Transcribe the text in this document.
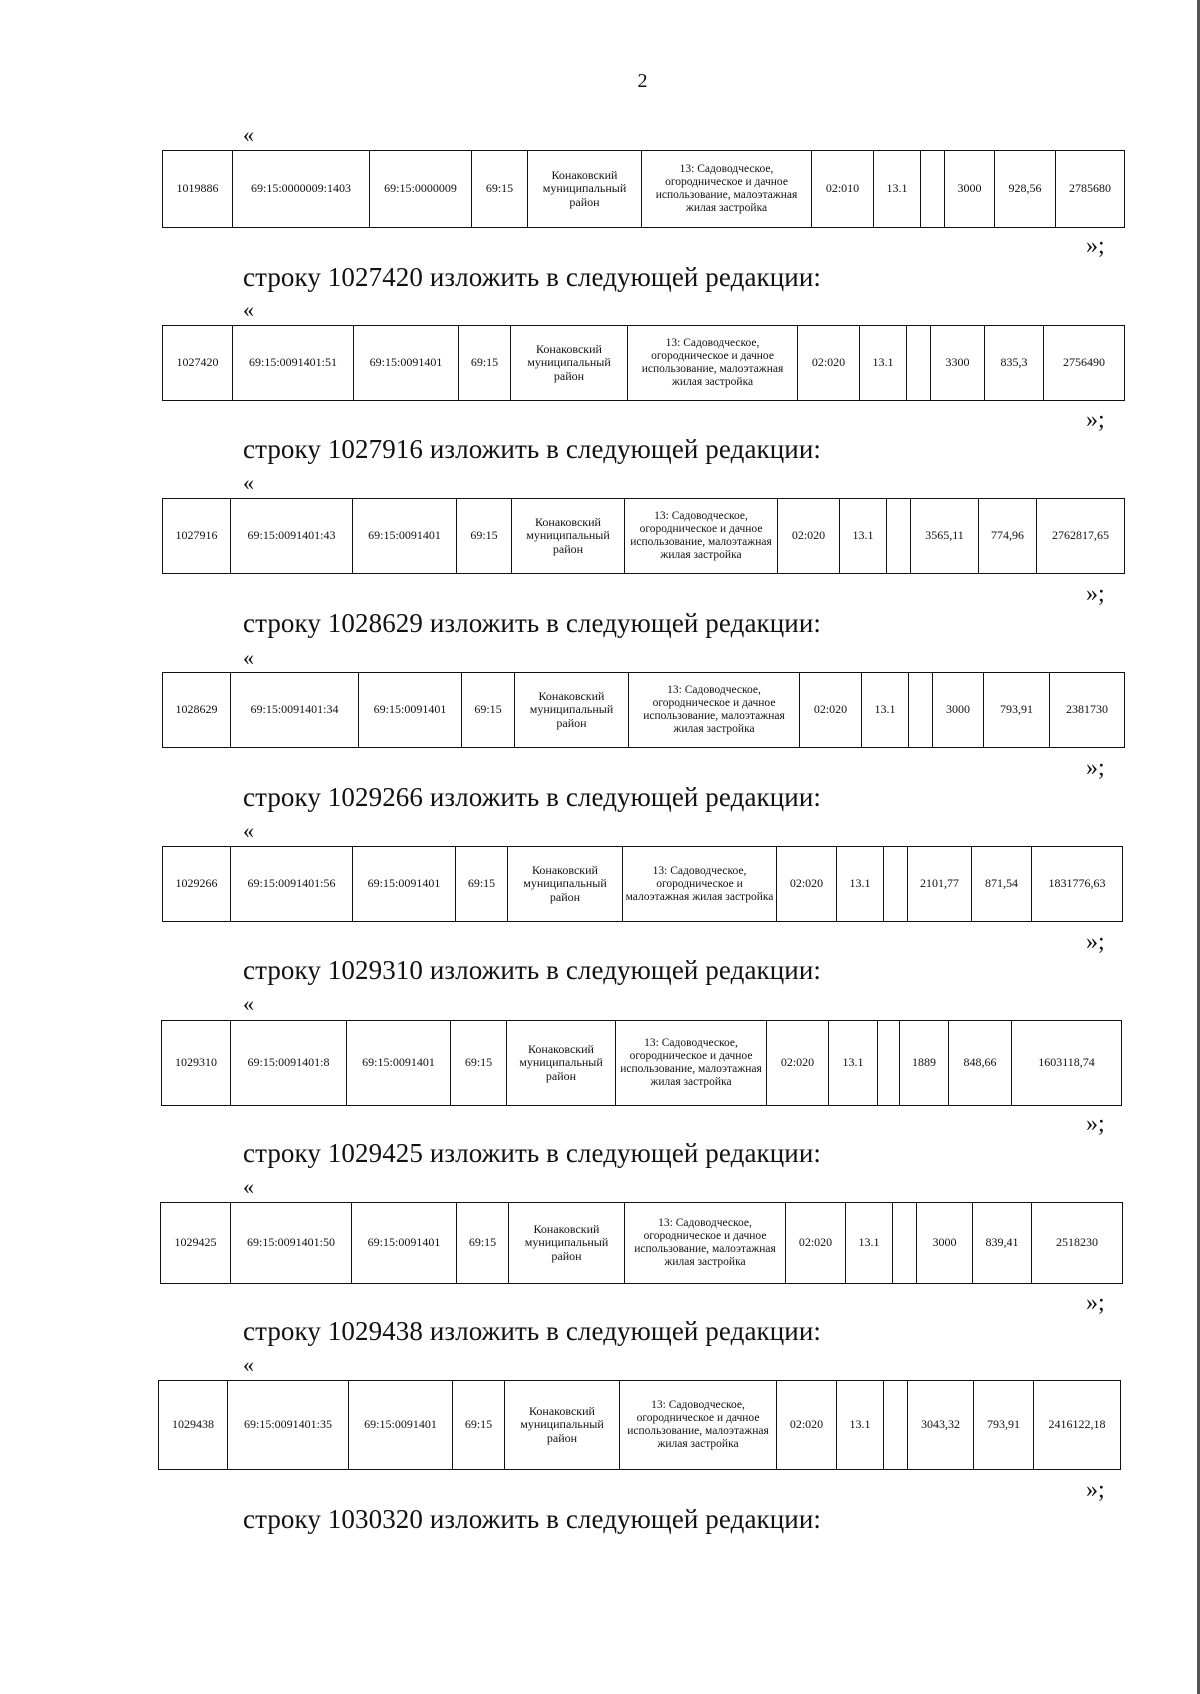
2
«
1019886	69:15:0000009:1403	69:15:0000009	69:15	Конаковский муниципальный район	13: Садоводческое, огородническое и дачное использование, малоэтажная жилая застройка	02:010	13.1		3000	928,56	2785680
»;
строку 1027420 изложить в следующей редакции:
«
1027420	69:15:0091401:51	69:15:0091401	69:15	Конаковский муниципальный район	13: Садоводческое, огородническое и дачное использование, малоэтажная жилая застройка	02:020	13.1		3300	835,3	2756490
»;
строку 1027916 изложить в следующей редакции:
«
1027916	69:15:0091401:43	69:15:0091401	69:15	Конаковский муниципальный район	13: Садоводческое, огородническое и дачное использование, малоэтажная жилая застройка	02:020	13.1		3565,11	774,96	2762817,65
»;
строку 1028629 изложить в следующей редакции:
«
1028629	69:15:0091401:34	69:15:0091401	69:15	Конаковский муниципальный район	13: Садоводческое, огородническое и дачное использование, малоэтажная жилая застройка	02:020	13.1		3000	793,91	2381730
»;
строку 1029266 изложить в следующей редакции:
«
1029266	69:15:0091401:56	69:15:0091401	69:15	Конаковский муниципальный район	13: Садоводческое, огородническое и малоэтажная жилая застройка	02:020	13.1		2101,77	871,54	1831776,63
»;
строку 1029310 изложить в следующей редакции:
«
1029310	69:15:0091401:8	69:15:0091401	69:15	Конаковский муниципальный район	13: Садоводческое, огородническое и дачное использование, малоэтажная жилая застройка	02:020	13.1		1889	848,66	1603118,74
»;
строку 1029425 изложить в следующей редакции:
«
1029425	69:15:0091401:50	69:15:0091401	69:15	Конаковский муниципальный район	13: Садоводческое, огородническое и дачное использование, малоэтажная жилая застройка	02:020	13.1		3000	839,41	2518230
»;
строку 1029438 изложить в следующей редакции:
«
1029438	69:15:0091401:35	69:15:0091401	69:15	Конаковский муниципальный район	13: Садоводческое, огородническое и дачное использование, малоэтажная жилая застройка	02:020	13.1		3043,32	793,91	2416122,18
»;
строку 1030320 изложить в следующей редакции:
